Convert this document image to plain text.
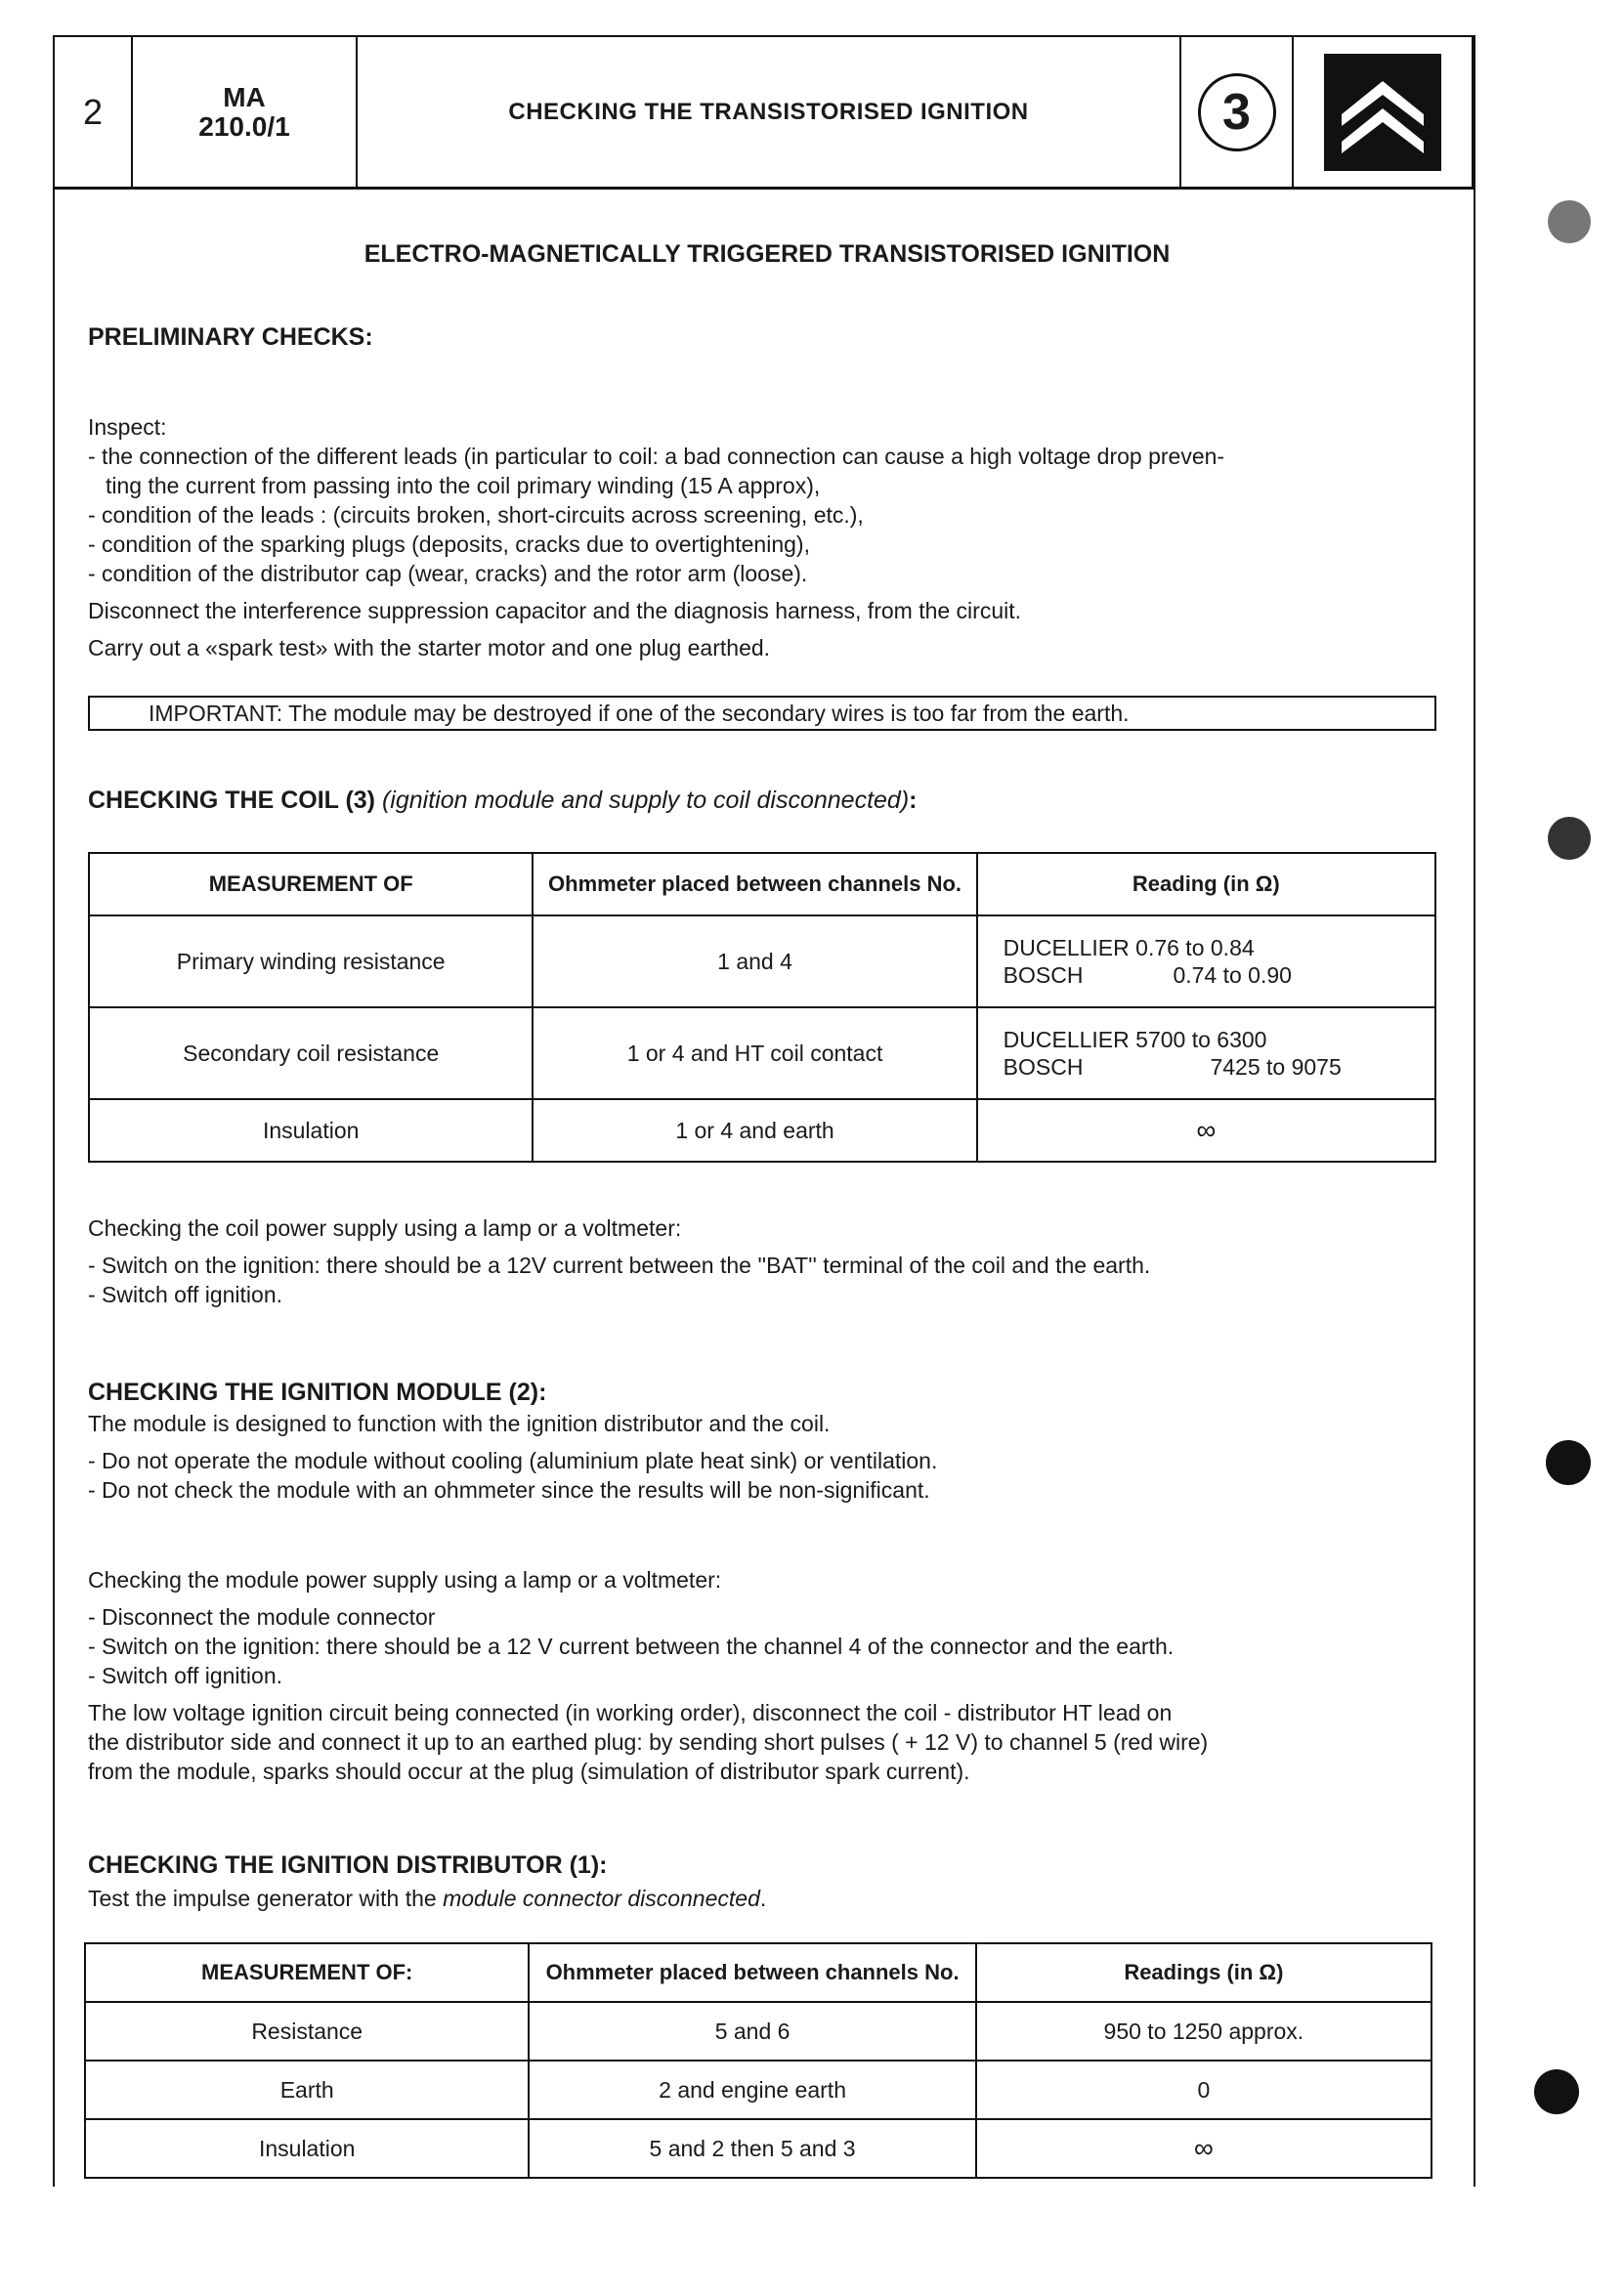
2	MA
210.0/1	CHECKING THE TRANSISTORISED IGNITION	3
ELECTRO-MAGNETICALLY TRIGGERED TRANSISTORISED IGNITION
PRELIMINARY CHECKS:
Inspect:
- the connection of the different leads (in particular to coil: a bad connection can cause a high voltage drop preven-
ting the current from passing into the coil primary winding (15 A approx),
- condition of the leads : (circuits broken, short-circuits across screening, etc.),
- condition of the sparking plugs (deposits, cracks due to overtightening),
- condition of the distributor cap (wear, cracks) and the rotor arm (loose).
Disconnect the interference suppression capacitor and the diagnosis harness, from the circuit.
Carry out a «spark test» with the starter motor and one plug earthed.
IMPORTANT: The module may be destroyed if one of the secondary wires is too far from the earth.
CHECKING THE COIL (3) (ignition module and supply to coil disconnected):
MEASUREMENT OF	Ohmmeter placed between channels No.	Reading (in Ω)
Primary winding resistance	1 and 4	DUCELLIER 0.76 to 0.84
BOSCH 0.74 to 0.90

Secondary coil resistance	1 or 4 and HT coil contact	DUCELLIER 5700 to 6300
BOSCH 7425 to 9075

Insulation	1 or 4 and earth	∞
Checking the coil power supply using a lamp or a voltmeter:
- Switch on the ignition: there should be a 12V current between the ''BAT'' terminal of the coil and the earth.
- Switch off ignition.
CHECKING THE IGNITION MODULE (2):
The module is designed to function with the ignition distributor and the coil.
- Do not operate the module without cooling (aluminium plate heat sink) or ventilation.
- Do not check the module with an ohmmeter since the results will be non-significant.
Checking the module power supply using a lamp or a voltmeter:
- Disconnect the module connector
- Switch on the ignition: there should be a 12 V current between the channel 4 of the connector and the earth.
- Switch off ignition.
The low voltage ignition circuit being connected (in working order), disconnect the coil - distributor HT lead on
the distributor side and connect it up to an earthed plug: by sending short pulses ( + 12 V) to channel 5 (red wire)
from the module, sparks should occur at the plug (simulation of distributor spark current).
CHECKING THE IGNITION DISTRIBUTOR (1):
Test the impulse generator with the module connector disconnected.
MEASUREMENT OF:	Ohmmeter placed between channels No.	Readings (in Ω)
Resistance	5 and 6	950 to 1250 approx.
Earth	2 and engine earth	0
Insulation	5 and 2 then 5 and 3	∞
